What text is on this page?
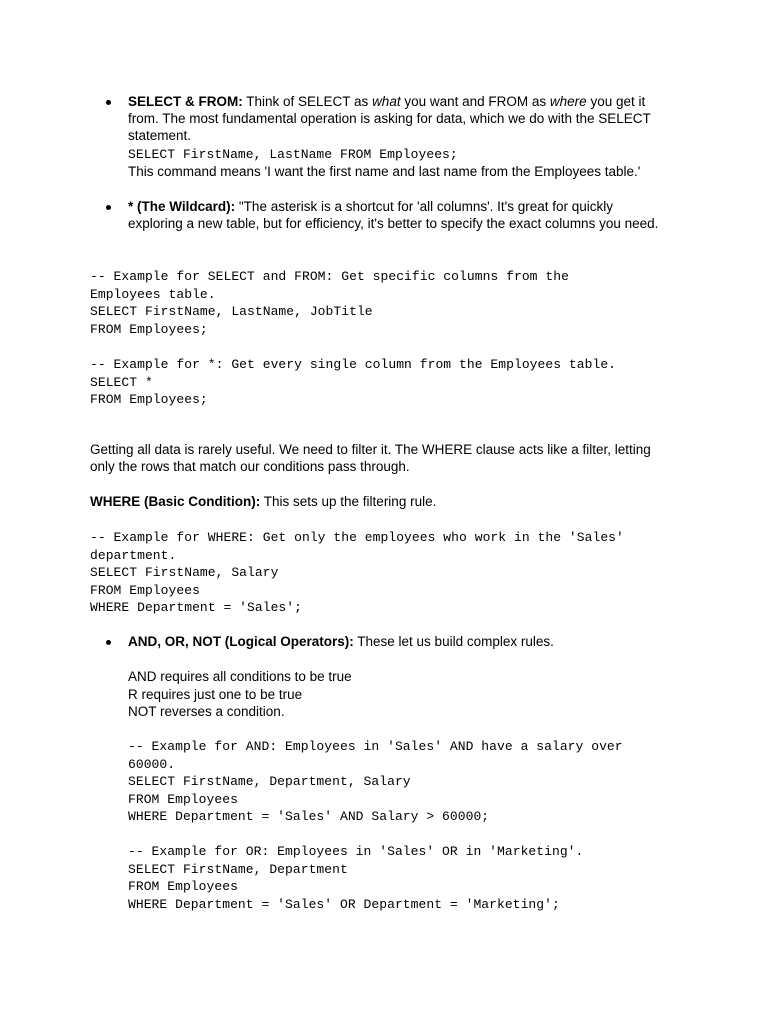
SELECT & FROM: Think of SELECT as what you want and FROM as where you get it
from. The most fundamental operation is asking for data, which we do with the SELECT
statement.
SELECT FirstName, LastName FROM Employees;
This command means 'I want the first name and last name from the Employees table.'
* (The Wildcard): "The asterisk is a shortcut for 'all columns'. It's great for quickly
exploring a new table, but for efficiency, it's better to specify the exact columns you need.
-- Example for SELECT and FROM: Get specific columns from the
Employees table.
SELECT FirstName, LastName, JobTitle
FROM Employees;
-- Example for *: Get every single column from the Employees table.
SELECT *
FROM Employees;
Getting all data is rarely useful. We need to filter it. The WHERE clause acts like a filter, letting
only the rows that match our conditions pass through.
WHERE (Basic Condition): This sets up the filtering rule.
-- Example for WHERE: Get only the employees who work in the 'Sales'
department.
SELECT FirstName, Salary
FROM Employees
WHERE Department = 'Sales';
AND, OR, NOT (Logical Operators): These let us build complex rules.
AND requires all conditions to be true
R requires just one to be true
NOT reverses a condition.
-- Example for AND: Employees in 'Sales' AND have a salary over
60000.
SELECT FirstName, Department, Salary
FROM Employees
WHERE Department = 'Sales' AND Salary > 60000;
-- Example for OR: Employees in 'Sales' OR in 'Marketing'.
SELECT FirstName, Department
FROM Employees
WHERE Department = 'Sales' OR Department = 'Marketing';
